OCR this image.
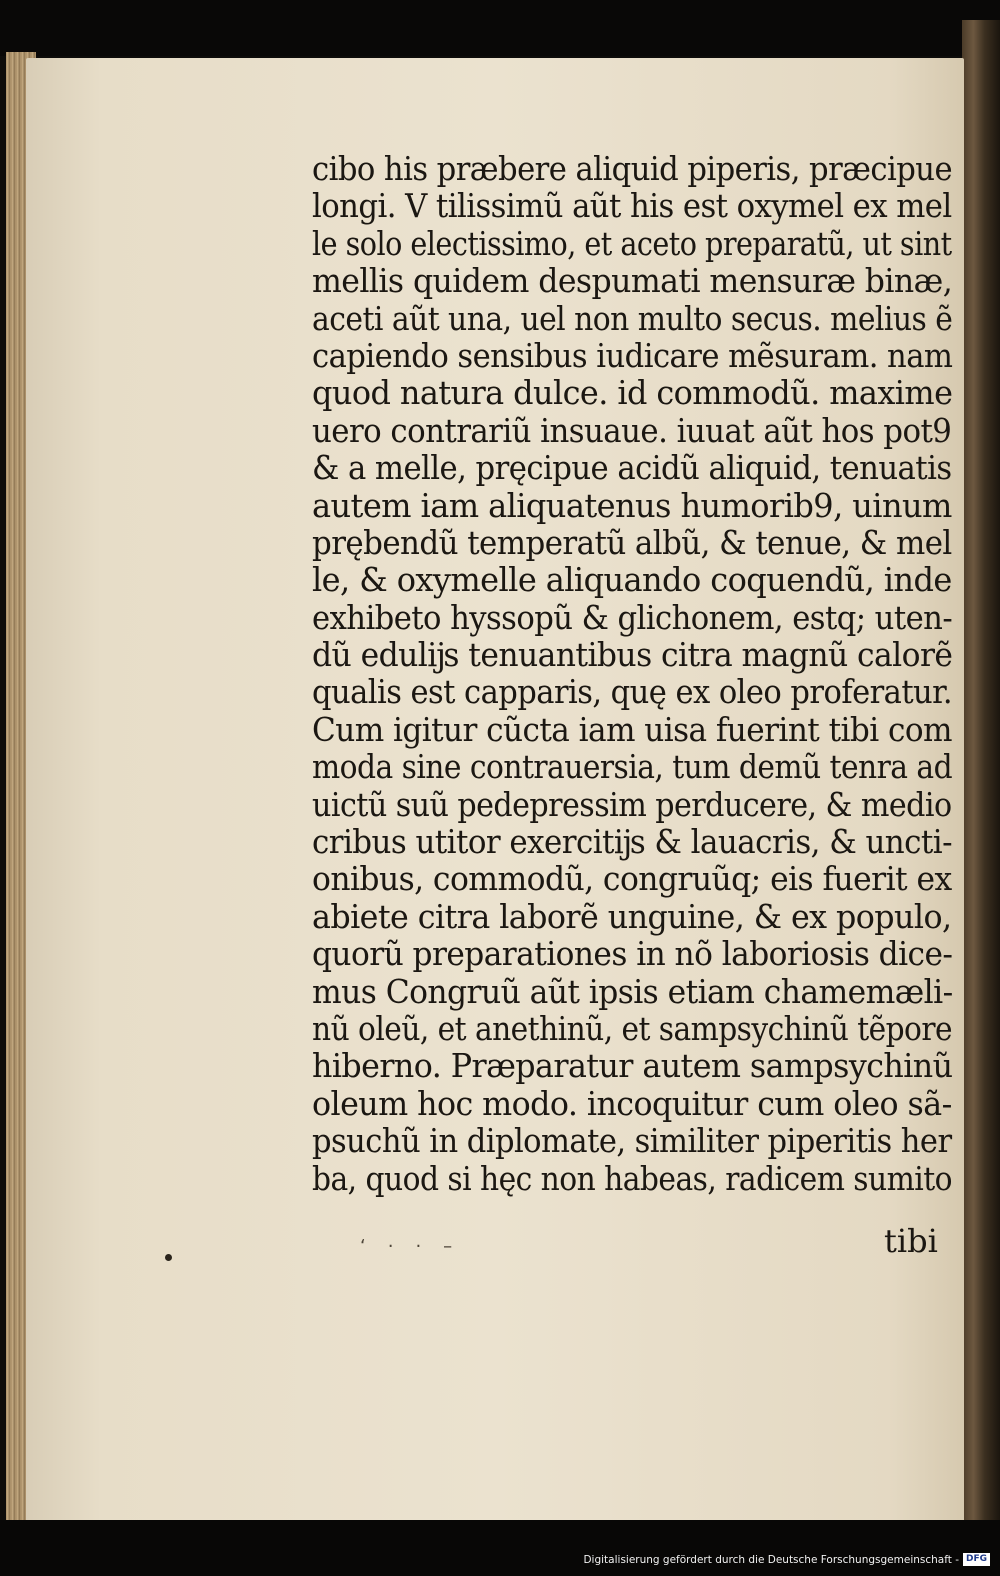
cibo his præbere aliquid piperis, præcipue
longi. V tilissimũ aũt his est oxymel ex mel
le solo electissimo, et aceto preparatũ, ut sint
mellis quidem despumati mensuræ binæ,
aceti aũt una, uel non multo secus. melius ẽ
capiendo sensibus iudicare mẽsuram. nam
quod natura dulce. id commodũ. maxime
uero contrariũ insuaue. iuuat aũt hos pot9
& a melle, pręcipue acidũ aliquid, tenuatis
autem iam aliquatenus humorib9, uinum
prębendũ temperatũ albũ, & tenue, & mel
le, & oxymelle aliquando coquendũ, inde
exhibeto hyssopũ & glichonem, estq; uten-
dũ edulĳs tenuantibus citra magnũ calorẽ
qualis est capparis, quę ex oleo proferatur.
Cum igitur cũcta iam uisa fuerint tibi com
moda sine contrauersia, tum demũ tenra ad
uictũ suũ pedepressim perducere, & medio
cribus utitor exercitĳs & lauacris, & uncti-
onibus, commodũ, congruũq; eis fuerit ex
abiete citra laborẽ unguine, & ex populo,
quorũ preparationes in nõ laboriosis dice-
mus Congruũ aũt ipsis etiam chamemæli-
nũ oleũ, et anethinũ, et sampsychinũ tẽpore
hiberno. Præparatur autem sampsychinũ
oleum hoc modo. incoquitur cum oleo sã-
psuchũ in diplomate, similiter piperitis her
ba, quod si hęc non habeas, radicem sumito
‘⋅⋅–	tibi
Digitalisierung gefördert durch die Deutsche Forschungsgemeinschaft - DFG
